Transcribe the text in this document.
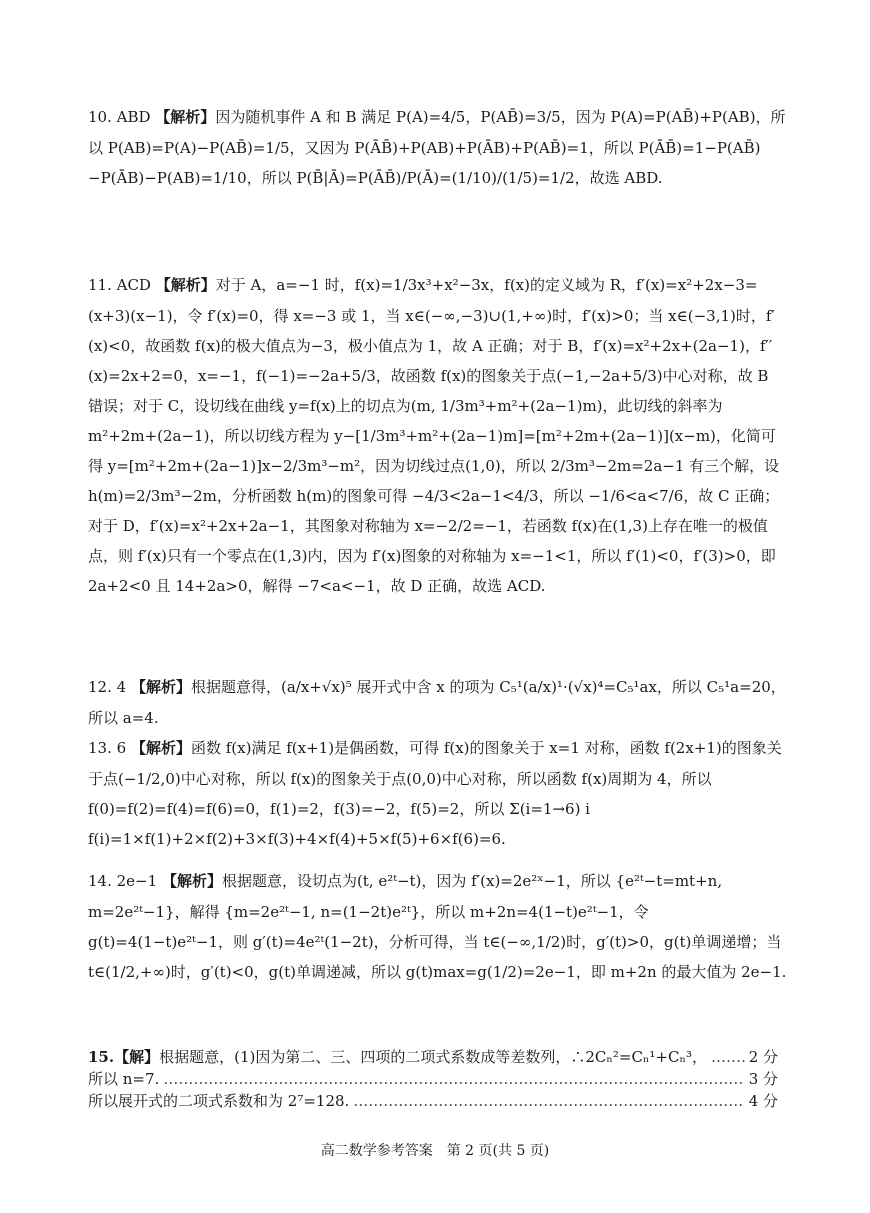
10. ABD 【解析】因为随机事件 A 和 B 满足 P(A)=4/5，P(AB̄)=3/5，因为 P(A)=P(AB̄)+P(AB)，所以 P(AB)=P(A)−P(AB̄)=1/5，又因为 P(ĀB̄)+P(AB)+P(ĀB)+P(AB̄)=1，所以 P(ĀB̄)=1−P(AB̄)−P(ĀB)−P(AB)=1/10，所以 P(B̄|Ā)=P(ĀB̄)/P(Ā)=(1/10)/(1/5)=1/2，故选 ABD.
11. ACD 【解析】对于 A，a=−1 时，f(x)=1/3x³+x²−3x，f(x)的定义域为 R，f′(x)=x²+2x−3=(x+3)(x−1)，令 f′(x)=0，得 x=−3 或 1，当 x∈(−∞,−3)∪(1,+∞)时，f′(x)>0；当 x∈(−3,1)时，f′(x)<0，故函数 f(x)的极大值点为−3，极小值点为 1，故 A 正确；对于 B，f′(x)=x²+2x+(2a−1)，f′′(x)=2x+2=0，x=−1，f(−1)=−2a+5/3，故函数 f(x)的图象关于点(−1,−2a+5/3)中心对称，故 B 错误；对于 C，设切线在曲线 y=f(x)上的切点为(m, 1/3m³+m²+(2a−1)m)，此切线的斜率为 m²+2m+(2a−1)，所以切线方程为 y−[1/3m³+m²+(2a−1)m]=[m²+2m+(2a−1)](x−m)，化简可得 y=[m²+2m+(2a−1)]x−2/3m³−m²，因为切线过点(1,0)，所以 2/3m³−2m=2a−1 有三个解，设 h(m)=2/3m³−2m，分析函数 h(m)的图象可得 −4/3<2a−1<4/3，所以 −1/6<a<7/6，故 C 正确；对于 D，f′(x)=x²+2x+2a−1，其图象对称轴为 x=−2/2=−1，若函数 f(x)在(1,3)上存在唯一的极值点，则 f′(x)只有一个零点在(1,3)内，因为 f′(x)图象的对称轴为 x=−1<1，所以 f′(1)<0，f′(3)>0，即 2a+2<0 且 14+2a>0，解得 −7<a<−1，故 D 正确，故选 ACD.
12. 4 【解析】根据题意得，(a/x+√x)⁵ 展开式中含 x 的项为 C₅¹(a/x)¹·(√x)⁴=C₅¹ax，所以 C₅¹a=20，所以 a=4.
13. 6 【解析】函数 f(x)满足 f(x+1)是偶函数，可得 f(x)的图象关于 x=1 对称，函数 f(2x+1)的图象关于点(−1/2,0)中心对称，所以 f(x)的图象关于点(0,0)中心对称，所以函数 f(x)周期为 4，所以 f(0)=f(2)=f(4)=f(6)=0，f(1)=2，f(3)=−2，f(5)=2，所以 Σ(i=1→6) i f(i)=1×f(1)+2×f(2)+3×f(3)+4×f(4)+5×f(5)+6×f(6)=6.
14. 2e−1 【解析】根据题意，设切点为(t, e²ᵗ−t)，因为 f′(x)=2e²ˣ−1，所以 {e²ᵗ−t=mt+n, m=2e²ᵗ−1}，解得 {m=2e²ᵗ−1, n=(1−2t)e²ᵗ}，所以 m+2n=4(1−t)e²ᵗ−1，令 g(t)=4(1−t)e²ᵗ−1，则 g′(t)=4e²ᵗ(1−2t)，分析可得，当 t∈(−∞,1/2)时，g′(t)>0，g(t)单调递增；当 t∈(1/2,+∞)时，g′(t)<0，g(t)单调递减，所以 g(t)max=g(1/2)=2e−1，即 m+2n 的最大值为 2e−1.
15.【解】 根据题意，(1)因为第二、三、四项的二项式系数成等差数列，∴2Cₙ²=Cₙ¹+Cₙ³， ……………………………………………………………………………………………………………………	2 分
所以 n=7. ……………………………………………………………………………………………………………………	3 分
所以展开式的二项式系数和为 2⁷=128. ……………………………………………………………………………………………………………………	4 分
高二数学参考答案　第 2 页(共 5 页)
